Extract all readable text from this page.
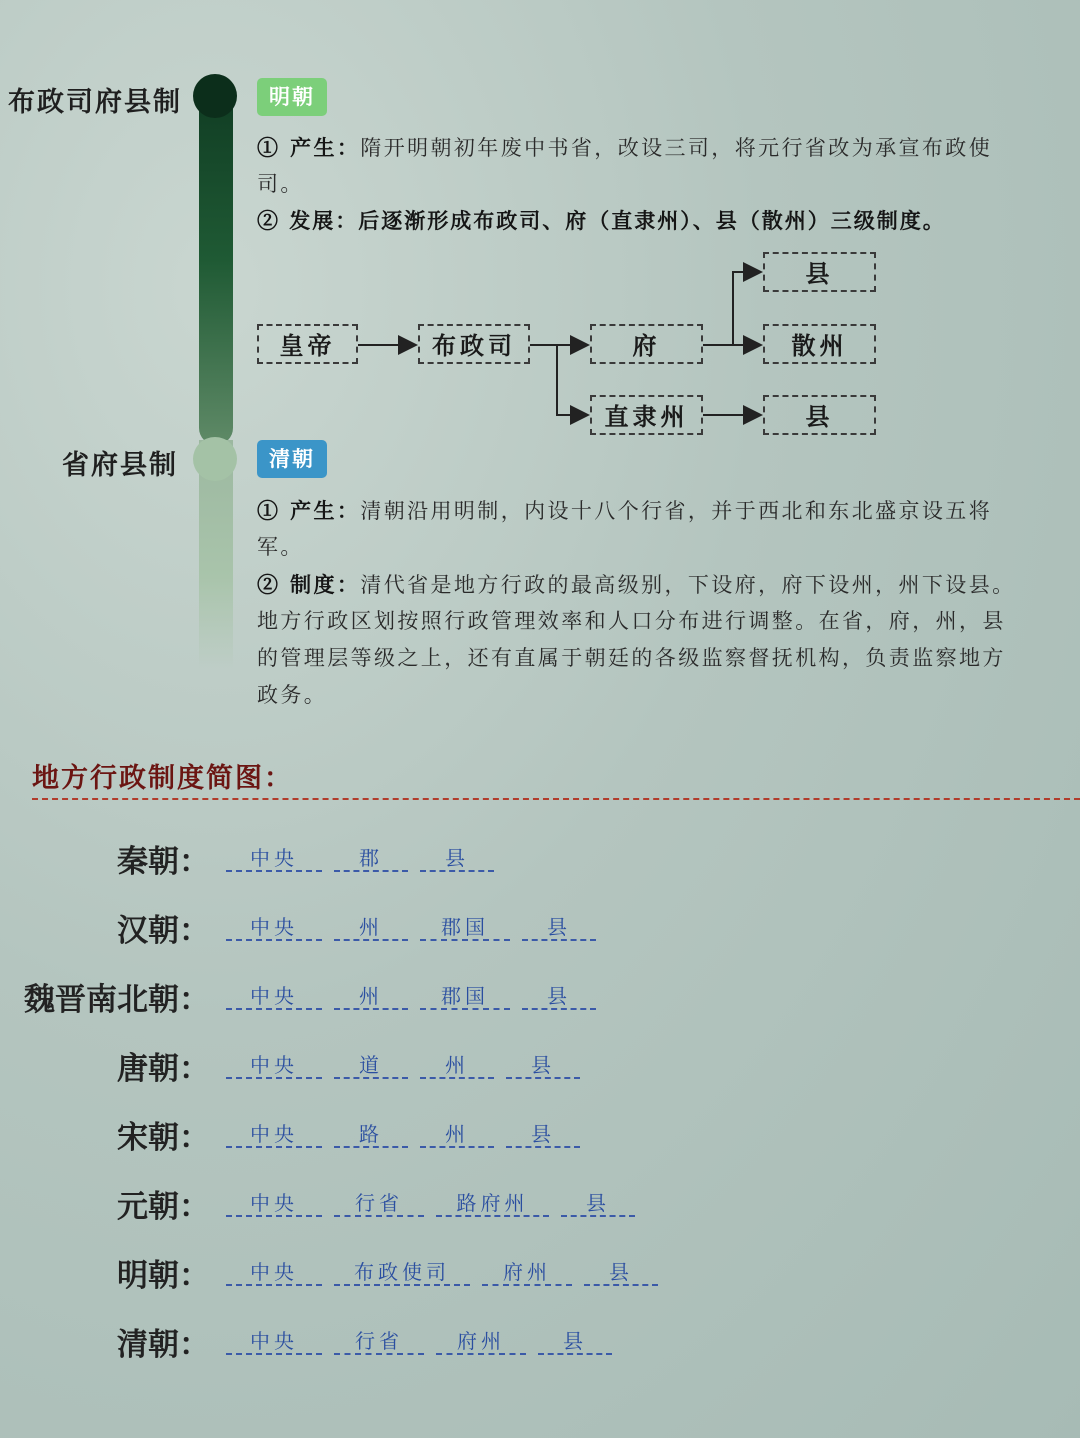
布政司府县制
省府县制
明朝
① 产生：隋开明朝初年废中书省，改设三司，将元行省改为承宣布政使
司。
② 发展：后逐渐形成布政司、府（直隶州）、县（散州）三级制度。
皇帝	布政司	府
县
散州
直隶州	县
清朝
① 产生：清朝沿用明制，内设十八个行省，并于西北和东北盛京设五将
军。
② 制度：清代省是地方行政的最高级别，下设府，府下设州，州下设县。
地方行政区划按照行政管理效率和人口分布进行调整。在省，府，州，县
的管理层等级之上，还有直属于朝廷的各级监察督抚机构，负责监察地方
政务。
地方行政制度简图：
秦朝：	中央	郡	县
汉朝：	中央	州	郡国	县
魏晋南北朝：	中央	州	郡国	县
唐朝：	中央	道	州	县
宋朝：	中央	路	州	县
元朝：	中央	行省	路府州	县
明朝：	中央	布政使司	府州	县
清朝：	中央	行省	府州	县
